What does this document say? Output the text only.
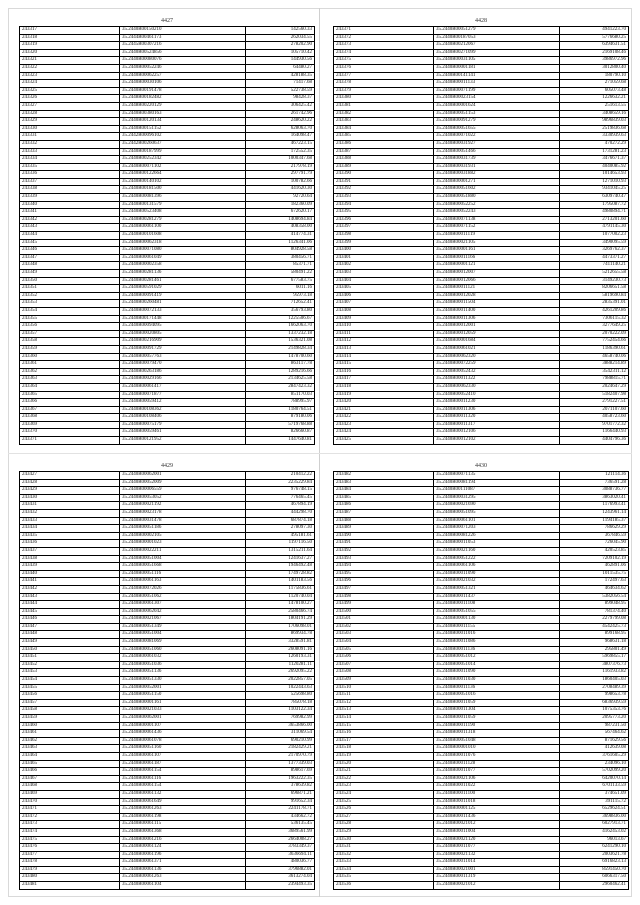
4427
243317	35.2440R00150210	142560.33
243318	35.2444R00461173	262034.55
243319	35.2445R00307216	278202.90
243320	35.2440R00524856	105710.42
243321	35.2440R00080076	144930.56
243322	35.2440R00052246	64480.27
243323	35.2440R00062257	428188.35
243324	35.2440R00030106	71417.68
243325	35.2440R00191478	522738.59
243326	35.2448R00182482	98428.37
243327	35.2448R00220129	306425.42
243328	35.2440R00380163	261742.96
243329	35.2440R00120134	248620.22
243330	35.2440R00151152	628063.70
243331	35.2442R00096102	164098.47
243332	35.2442R00260637	467223.15
243333	35.2440R00187999	172552.35
243334	35.2440R00252342	1000347.68
243335	35.2440R00071102	217978.19
243336	35.2440R00122664	297791.79
243337	35.2440R00140102	100782.66
243338	35.2440R00181500	441620.30
243339	35.2440R00081396	92720.64
243340	35.2440R00131579	182360.09
243341	35.2440R00523408	672620.17
243342	35.2440R00281279	1408694.84
243343	35.2440R00061100	408358.00
243344	35.2440R00101608	414774.31
243345	35.2440R00062318	1126341.06
243346	35.2440R00071080	804928.58
243347	35.2440R00061049	380456.71
243348	35.2440R00002358	85371.71
243349	35.2440R00281136	580491.22
243350	35.2440R00281461	677583.75
243351	35.2440R00591029	6011.16
243352	35.2440R00091419	95973.18
243353	35.2440R00260481	712652.41
243354	35.2440R00072133	356793.80
243355	35.2440R00171448	1225506.67
243356	35.2440R00094095	1662063.70
243357	35.2440R00020805	1337232.18
243358	35.2440R00216909	1536321.08
243359	35.2440R00091729	2149828.34
243360	35.2440R00057763	1478700.60
243361	35.2440R00079470	863117.78
243362	35.2440R00263186	1289216.66
243363	35.2440R00029166	2134625.58
243364	35.2440R00061417	2847423.32
243365	35.2440R00071877	851170.03
243366	35.2440R00059412	788995.97
243367	35.2440R00108362	1180764.51
243368	35.2440R00108406	879180.06
243369	35.2440R00075179	5719768.88
243370	35.2440R00059461	826660.87
243371	35.2440R00121952	1447640.81
4428
243371	35.2440R00051279	4941223.70
243372	35.2440R00187053	5776680.25
243373	35.2440R00212067	6394631.51
243374	35.2440R00271099	2169108.46
243375	35.2440R00031105	3986972.96
243376	35.2440R00001181	3012800.40
243377	35.2440R00141141	180790.10
243378	35.2440R00011133	271059.68
243379	35.2440R00071199	605073.48
243380	35.2440R00023154	1226632.21
243381	35.2440R00001624	251613.55
243382	35.2440R00051153	3408659.16
243383	35.2440R00091279	9896839.03
243384	35.2440R00051655	2519836.68
243385	35.2440R00071022	3330939.63
243386	35.2440R00031927	470272.29
243387	35.2440R00051466	1731281.23
243388	35.2440R00031739	3476671.37
243389	35.2440R00031931	4040085.92
243390	35.2440R00031882	1014653.93
243391	35.2440R00001271	1271010.93
243392	35.2440R00051602	9341045.25
243393	35.2440R00051880	6309740.47
243394	35.2440R00052252	1795087.72
243395	35.2440R00052243	4980894.71
243396	35.2440R00071138	2713201.60
243397	35.2440R00071152	4791145.30
243398	35.2440R00011119	1077002.23
243399	35.2440R00021105	3490095.59
243400	35.2440R00001161	3269762.37
243401	35.2440R00011166	4473371.27
243402	35.2440R00001121	7411140.21
243403	35.2440R00012007	5212655.58
243404	35.2440R00012066	3149230.73
243405	35.2440R00011121	8206651.58
243406	35.2440R00012028	5819690.84
243407	35.2440R00011504	2835391.01
243408	35.2440R00011400	4261209.86
243409	35.2440R00011306	7306115.32
243410	35.2440R00012001	3277649.25
243411	35.2440R00012059	2070222.09
243412	35.2440R00001684	7752454.66
243413	35.2440R00061021	1186390.61
243414	35.2440R00062320	4658740.06
243415	35.2440R00072259	3888214.89
243416	35.2440R00052432	3542311.12
243417	35.2440R00011322	7988815.71
243418	35.2440R00062330	2024647.29
243419	35.2440R00052410	5182407.98
243420	35.2440R00011230	2791227.51
243421	35.2440R00011306	2071107.60
243422	35.2440R00011320	4058723.60
243423	35.2440R00011317	9701772.32
243424	35.2440R00012106	1166440.93
243425	35.2440R00012102	4404796.36
4429
243427	35.2440R00062001	210412.22
243428	35.2440R00052009	2235229.84
243429	35.2440R00006559	976748.15
243430	35.2440R00053052	776465.45
243431	35.2440R00021192	467894.19
243432	35.2440R00023178	444298.70
243433	35.2440R00031478	687874.18
243434	35.2440R00051186	278097.30
243435	35.2440R00002105	495181.61
243436	35.2440R00001023	1197116.50
243437	35.2440R00022211	1315211.64
243438	35.2440R00051004	1241637.27
243439	35.2440R00051668	1946492.48
243440	35.2440R00051116	1749728.82
243441	35.2440R00061163	1401183.56
243442	35.2440R00072026	1175836.61
243443	35.2440R00051062	1120740.04
243444	35.2440R00061307	1478100.27
243445	35.2440R00062042	2580466.74
243446	35.2440R00021067	1804191.29
243447	35.2440R00051349	1706098.01
243448	35.2440R00051004	869934.78
243449	35.2440R00081069	3328591.81
243450	35.2440R00051060	2608091.16
243451	35.2440R00061032	1260193.31
243452	35.2440R00051036	1120281.11
243453	35.2440R00051136	2692095.22
243454	35.2440R00051330	2022857.05
243455	35.2440R00052001	1022443.63
243456	35.2440R00051150	525698.80
243457	35.2440R00001161	785078.18
243458	35.2440R00021033	1103122.34
243459	35.2440R00062001	769982.99
243460	35.2440R00001107	3653866.00
243461	35.2440R00061436	311069.54
243462	35.2440R00061078	690210.99
243463	35.2440R00051160	2182429.21
243464	35.2440R00061107	2170970.79
243465	35.2440R00061187	1377339.03
243466	35.2440R00061154	898617.69
243467	35.2440R00061116	1963222.35
243468	35.2440R00061154	378639.82
243469	35.2440R00061132	696871.21
243470	35.2440R00061649	991652.34
243471	35.2440R00061263	2241178.71
243472	35.2440R00061198	434662.72
243473	35.2440R00061115	536135.45
243474	35.2440R00061368	3689561.99
243475	35.2440R00061216	2664008.27
243476	35.2440R00061124	3783349.37
243477	35.2440R00061196	3636694.11
243478	35.2440R00061371	480036.77
243479	35.2440R00061136	3796882.01
243480	35.2440R00061263	3613274.04
243481	35.2440R00061104	2394493.35
4430
243482	35.2440R00071135	121114.36
243483	35.2440R00081194	736591.28
243484	35.2440R00111087	3088736.77
243485	35.2440R00031295	3863020.41
243486	35.2440R00021690	1176993.41
243487	35.2440R00051095	1243961.14
243488	35.2440R00061101	1194185.37
243489	35.2440R00071203	786629.29
243490	35.2440R00081226	367846.59
243491	35.2440R00011053	726045.90
243492	35.2440R00021160	420523.85
243493	35.2440R00051222	7209102.19
243494	35.2440R00061106	462891.06
243495	35.2440R00011090	1011535.75
243496	35.2440R00021032	172497.63
243497	35.2440R00051321	464634.62
243498	35.2440R00011437	5382056.54
243499	35.2440R00011108	899048.95
243500	35.2440R00051055	781374.40
243501	35.2440R00001130	2279799.08
243502	35.2440R00011155	4542425.73
243503	35.2440R00011016	899168.95
243504	35.2440R00011086	968631.18
243505	35.2440R00011136	295801.49
243506	35.2440R00051012	5969855.17
243507	35.2440R00051014	3807376.73
243508	35.2440R00011090	1161933.82
243509	35.2440R00011030	1860405.03
243510	35.2440R00011136	2708489.39
243511	35.2440R00051016	998653.78
243512	35.2440R00011059	6836939.59
243513	35.2440R00011304	1075353.76
243514	35.2440R00011059	2095773.20
243515	35.2440R00011190	987231.50
243516	35.2440R00011318	567464.62
243517	35.2440R00051048	871629.56
243518	35.2440R00001010	412639.08
243519	35.2440R00011076	3761605.29
243520	35.2440R00011128	234096.10
243521	35.2440R00011077	5702099.20
243522	35.2440R00021106	6420070.14
243523	35.2440R00011022	6701133.59
243524	35.2440R00011100	374651.09
243525	35.2440R00011018	391115.72
243526	35.2440R00001125	6529624.51
243527	35.2440R00011436	3698836.00
243528	35.2440R00021012	6027913.71
243529	35.2440R00011004	4162453.02
243530	35.2440R00021120	96013.67
243531	35.2440R00011077	6241290.10
243532	35.2440R00021132	2003621.78
243533	35.2440R00011014	6916823.13
243534	35.2440R00021001	8591450.70
243535	35.2440R00011319	6066317.50
243536	35.2440R00021012	2960462.41
